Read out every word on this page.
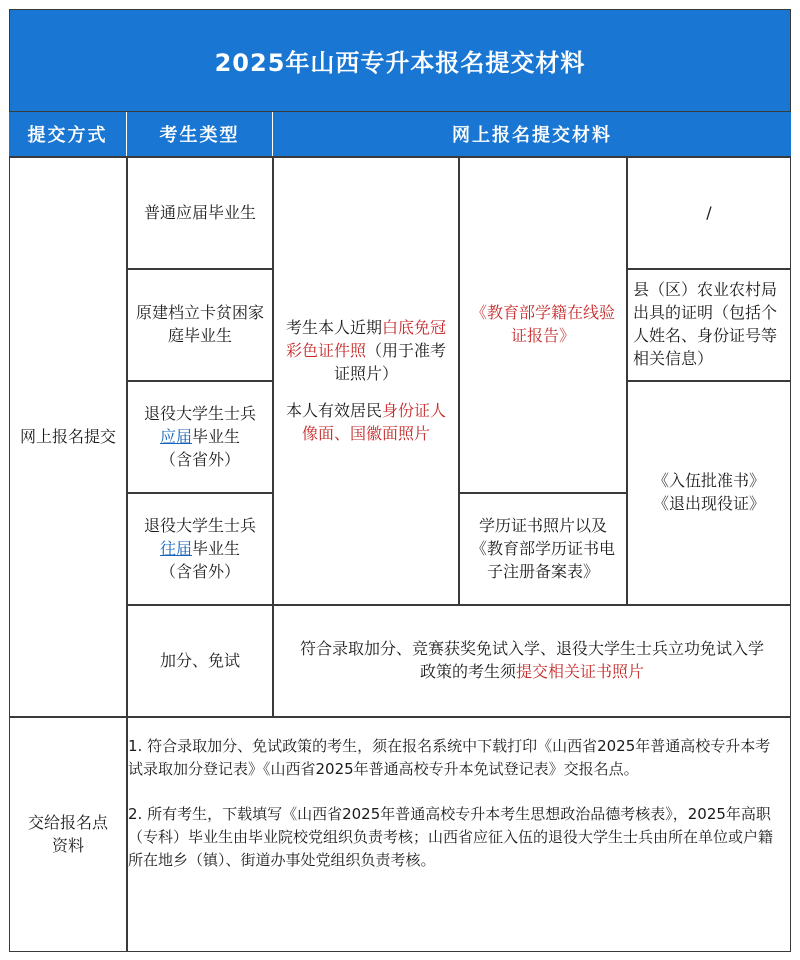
2025年山西专升本报名提交材料
提交方式	考生类型	网上报名提交材料
网上报名提交
交给报名点资料
普通应届毕业生
原建档立卡贫困家庭毕业生
退役大学生士兵
应届毕业生
（含省外）
退役大学生士兵
往届毕业生
（含省外）
加分、免试
考生本人近期白底免冠彩色证件照（用于准考证照片）
本人有效居民身份证人像面、国徽面照片
《教育部学籍在线验证报告》
学历证书照片以及《教育部学历证书电子注册备案表》
/
县（区）农业农村局出具的证明（包括个人姓名、身份证号等相关信息）
《入伍批准书》
《退出现役证》
符合录取加分、竞赛获奖免试入学、退役大学生士兵立功免试入学政策的考生须提交相关证书照片

1. 符合录取加分、免试政策的考生，须在报名系统中下载打印《山西省2025年普通高校专升本考试录取加分登记表》《山西省2025年普通高校专升本免试登记表》交报名点。

2. 所有考生，下载填写《山西省2025年普通高校专升本考生思想政治品德考核表》，2025年高职（专科）毕业生由毕业院校党组织负责考核；山西省应征入伍的退役大学生士兵由所在单位或户籍所在地乡（镇）、街道办事处党组织负责考核。
